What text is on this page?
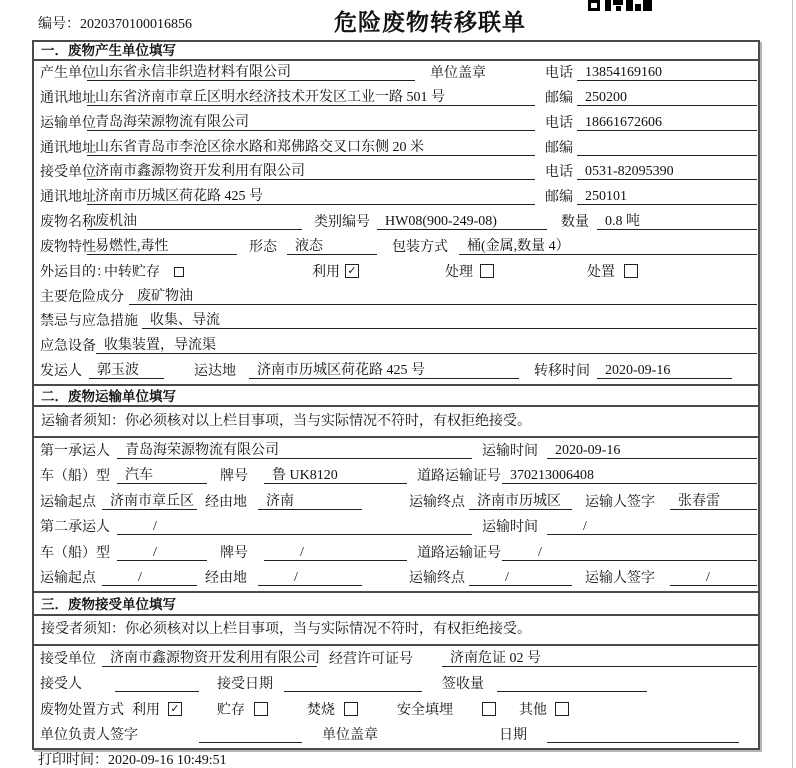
编号：2020370100016856	危险废物转移联单
一．废物产生单位填写
产生单位 山东省永信非织造材料有限公司	单位盖章	电话 13854169160
通讯地址 山东省济南市章丘区明水经济技术开发区工业一路 501 号	邮编 250200
运输单位 青岛海荣源物流有限公司	电话 18661672606
通讯地址 山东省青岛市李沧区徐水路和郑佛路交叉口东侧 20 米	邮编
接受单位 济南市鑫源物资开发利用有限公司	电话 0531-82095390
通讯地址 济南市历城区荷花路 425 号	邮编 250101
废物名称 废机油	类别编号	HW08(900-249-08)	数量	0.8 吨
废物特性 易燃性,毒性	形态	液态	包装方式	桶(金属,数量 4）
外运目的：
中转贮存	利用 ✓	处理	处置
主要危险成分 废矿物油
禁忌与应急措施 收集、导流
应急设备 收集装置，导流渠
发运人	郭玉波	运达地	济南市历城区荷花路 425 号	转移时间	2020-09-16
二．废物运输单位填写
运输者须知：你必须核对以上栏目事项，当与实际情况不符时，有权拒绝接受。
第一承运人	青岛海荣源物流有限公司	运输时间	2020-09-16
车（船）型	汽车	牌号	鲁 UK8120	道路运输证号 370213006408
运输起点	济南市章丘区 经由地	济南	运输终点 济南市历城区	运输人签字	张春雷
第二承运人	/	运输时间	/
车（船）型	/	牌号	/	道路运输证号	/
运输起点	/	经由地	/	运输终点	/	运输人签字	/
三．废物接受单位填写
接受者须知：你必须核对以上栏目事项，当与实际情况不符时，有权拒绝接受。
接受单位	济南市鑫源物资开发利用有限公司 经营许可证号	济南危证 02 号
接受人	接受日期	签收量
废物处置方式 利用 ✓	贮存	焚烧	安全填埋	其他
单位负责人签字	单位盖章	日期
打印时间：2020-09-16 10:49:51
